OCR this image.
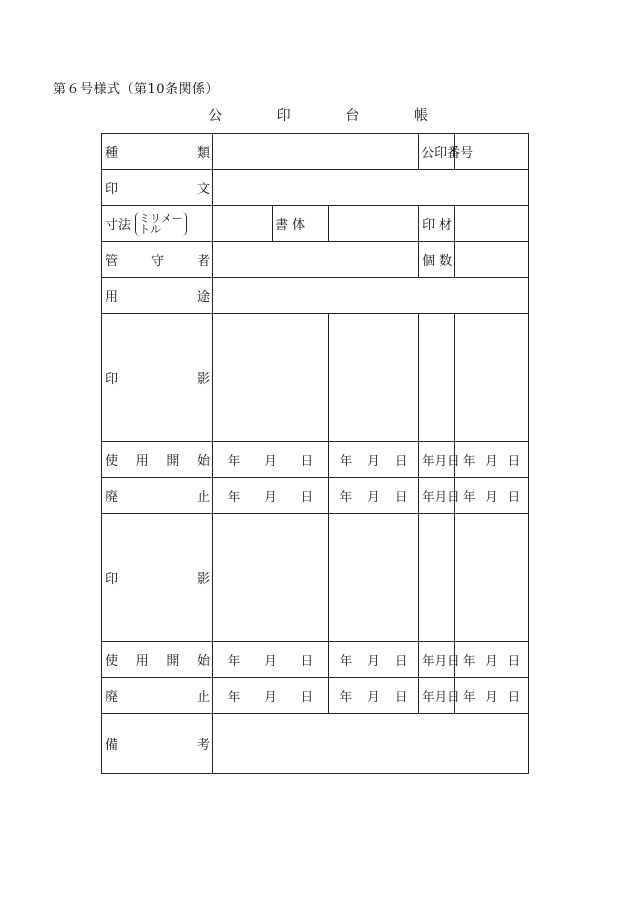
第６号様式（第10条関係）
公	印	台	帳
種 類				公印番号	

印 文					

寸法 ミリメー
トル		書 体		印 材	

管 守 者				個 数	

用 途					

印 影					

使 用 開 始	年 月 日		年 月 日	年 月 日	年 月 日

廃 止	年 月 日		年 月 日	年 月 日	年 月 日

印 影					

使 用 開 始	年 月 日		年 月 日	年 月 日	年 月 日

廃 止	年 月 日		年 月 日	年 月 日	年 月 日

備 考					
